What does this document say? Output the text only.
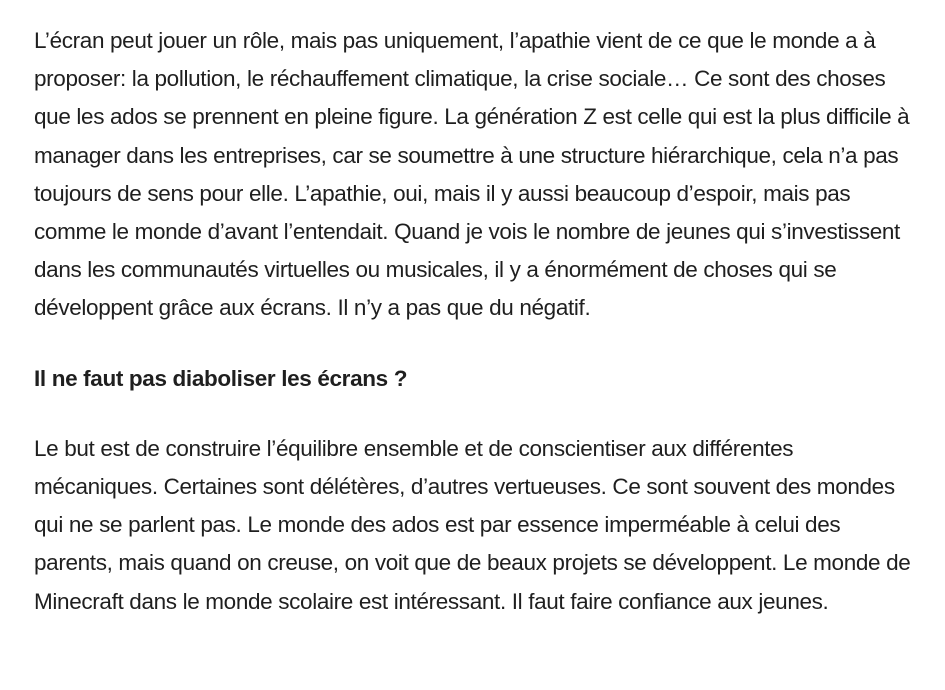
L’écran peut jouer un rôle, mais pas uniquement, l’apathie vient de ce que le monde a à proposer: la pollution, le réchauffement climatique, la crise sociale… Ce sont des choses que les ados se prennent en pleine figure. La génération Z est celle qui est la plus difficile à manager dans les entreprises, car se soumettre à une structure hiérarchique, cela n’a pas toujours de sens pour elle. L’apathie, oui, mais il y aussi beaucoup d’espoir, mais pas comme le monde d’avant l’entendait. Quand je vois le nombre de jeunes qui s’investissent dans les communautés virtuelles ou musicales, il y a énormément de choses qui se développent grâce aux écrans. Il n’y a pas que du négatif.

Il ne faut pas diaboliser les écrans ?

Le but est de construire l’équilibre ensemble et de conscientiser aux différentes mécaniques. Certaines sont délétères, d’autres vertueuses. Ce sont souvent des mondes qui ne se parlent pas. Le monde des ados est par essence imperméable à celui des parents, mais quand on creuse, on voit que de beaux projets se développent. Le monde de Minecraft dans le monde scolaire est intéressant. Il faut faire confiance aux jeunes.
